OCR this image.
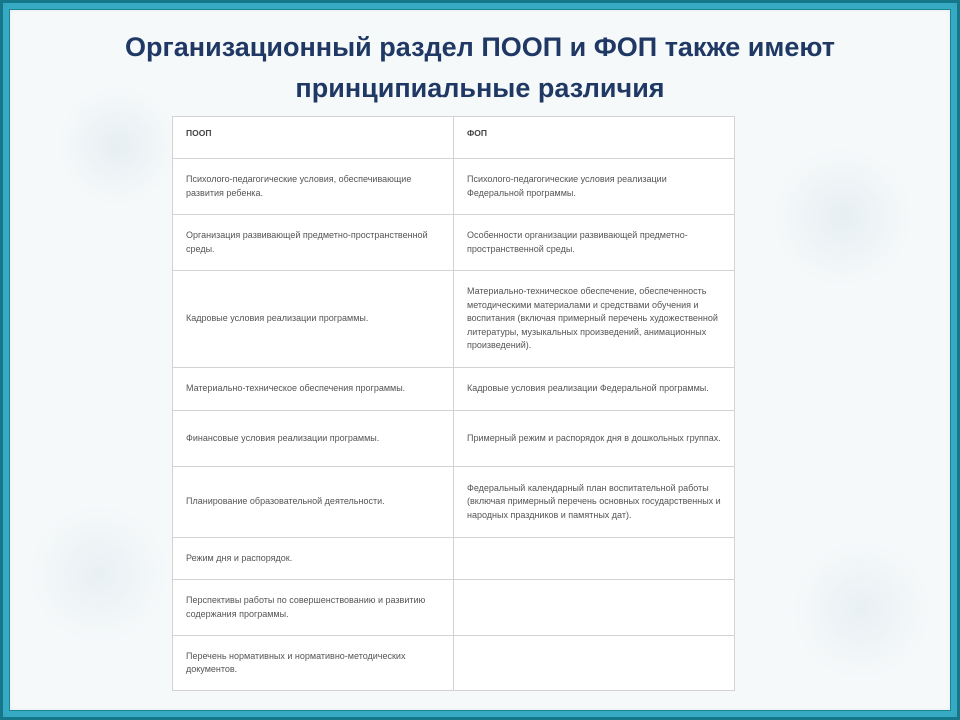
Организационный раздел ПООП и ФОП также имеют
принципиальные различия
ПООП	ФОП
Психолого-педагогические условия, обеспечивающие развития ребенка.	Психолого-педагогические условия реализации Федеральной программы.
Организация развивающей предметно-пространственной среды.	Особенности организации развивающей предметно-пространственной среды.
Кадровые условия реализации программы.	Материально-техническое обеспечение, обеспеченность методическими материалами и средствами обучения и воспитания (включая примерный перечень художественной литературы, музыкальных произведений, анимационных произведений).
Материально-техническое обеспечения программы.	Кадровые условия реализации Федеральной программы.
Финансовые условия реализации программы.	Примерный режим и распорядок дня в дошкольных группах.
Планирование образовательной деятельности.	Федеральный календарный план воспитательной работы (включая примерный перечень основных государственных и народных праздников и памятных дат).
Режим дня и распорядок.	
Перспективы работы по совершенствованию и развитию содержания программы.	
Перечень нормативных и нормативно-методических документов.	
